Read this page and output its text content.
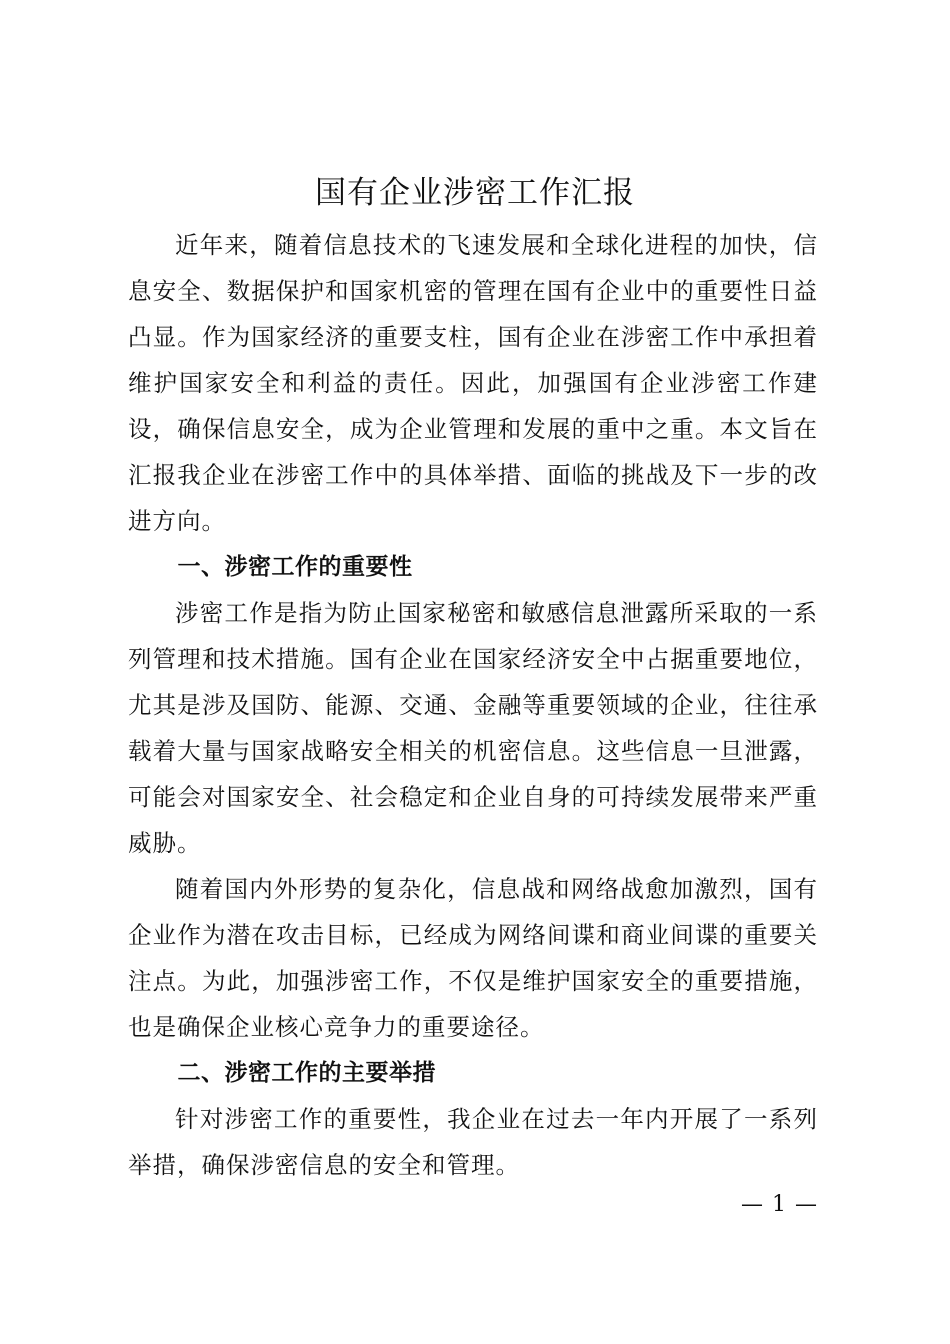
国有企业涉密工作汇报

近年来，随着信息技术的飞速发展和全球化进程的加快，信息安全、数据保护和国家机密的管理在国有企业中的重要性日益凸显。作为国家经济的重要支柱，国有企业在涉密工作中承担着维护国家安全和利益的责任。因此，加强国有企业涉密工作建设，确保信息安全，成为企业管理和发展的重中之重。本文旨在汇报我企业在涉密工作中的具体举措、面临的挑战及下一步的改进方向。

一、涉密工作的重要性

涉密工作是指为防止国家秘密和敏感信息泄露所采取的一系列管理和技术措施。国有企业在国家经济安全中占据重要地位，尤其是涉及国防、能源、交通、金融等重要领域的企业，往往承载着大量与国家战略安全相关的机密信息。这些信息一旦泄露，可能会对国家安全、社会稳定和企业自身的可持续发展带来严重威胁。

随着国内外形势的复杂化，信息战和网络战愈加激烈，国有企业作为潜在攻击目标，已经成为网络间谍和商业间谍的重要关注点。为此，加强涉密工作，不仅是维护国家安全的重要措施，也是确保企业核心竞争力的重要途径。

二、涉密工作的主要举措

针对涉密工作的重要性，我企业在过去一年内开展了一系列举措，确保涉密信息的安全和管理。

— 1 —
